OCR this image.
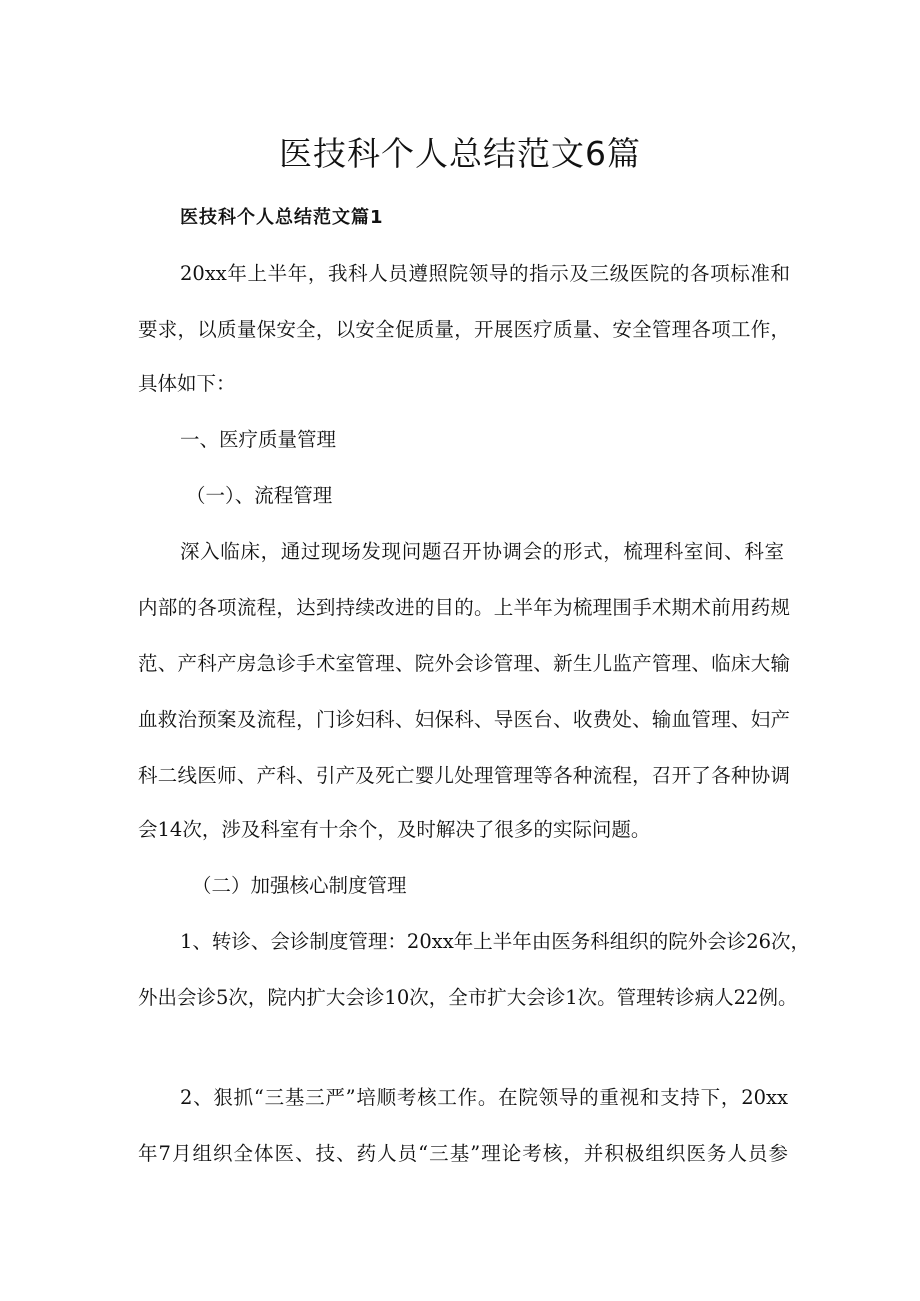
医技科个人总结范文6篇

医技科个人总结范文篇1

20xx年上半年，我科人员遵照院领导的指示及三级医院的各项标准和

要求，以质量保安全，以安全促质量，开展医疗质量、安全管理各项工作，

具体如下：

一、医疗质量管理

（一）、流程管理

深入临床，通过现场发现问题召开协调会的形式，梳理科室间、科室

内部的各项流程，达到持续改进的目的。上半年为梳理围手术期术前用药规

范、产科产房急诊手术室管理、院外会诊管理、新生儿监产管理、临床大输

血救治预案及流程，门诊妇科、妇保科、导医台、收费处、输血管理、妇产

科二线医师、产科、引产及死亡婴儿处理管理等各种流程，召开了各种协调

会14次，涉及科室有十余个，及时解决了很多的实际问题。

（二）加强核心制度管理

1、转诊、会诊制度管理：20xx年上半年由医务科组织的院外会诊26次，

外出会诊5次，院内扩大会诊10次，全市扩大会诊1次。管理转诊病人22例。

2、狠抓“三基三严”培顺考核工作。在院领导的重视和支持下，20xx

年7月组织全体医、技、药人员“三基”理论考核，并积极组织医务人员参
